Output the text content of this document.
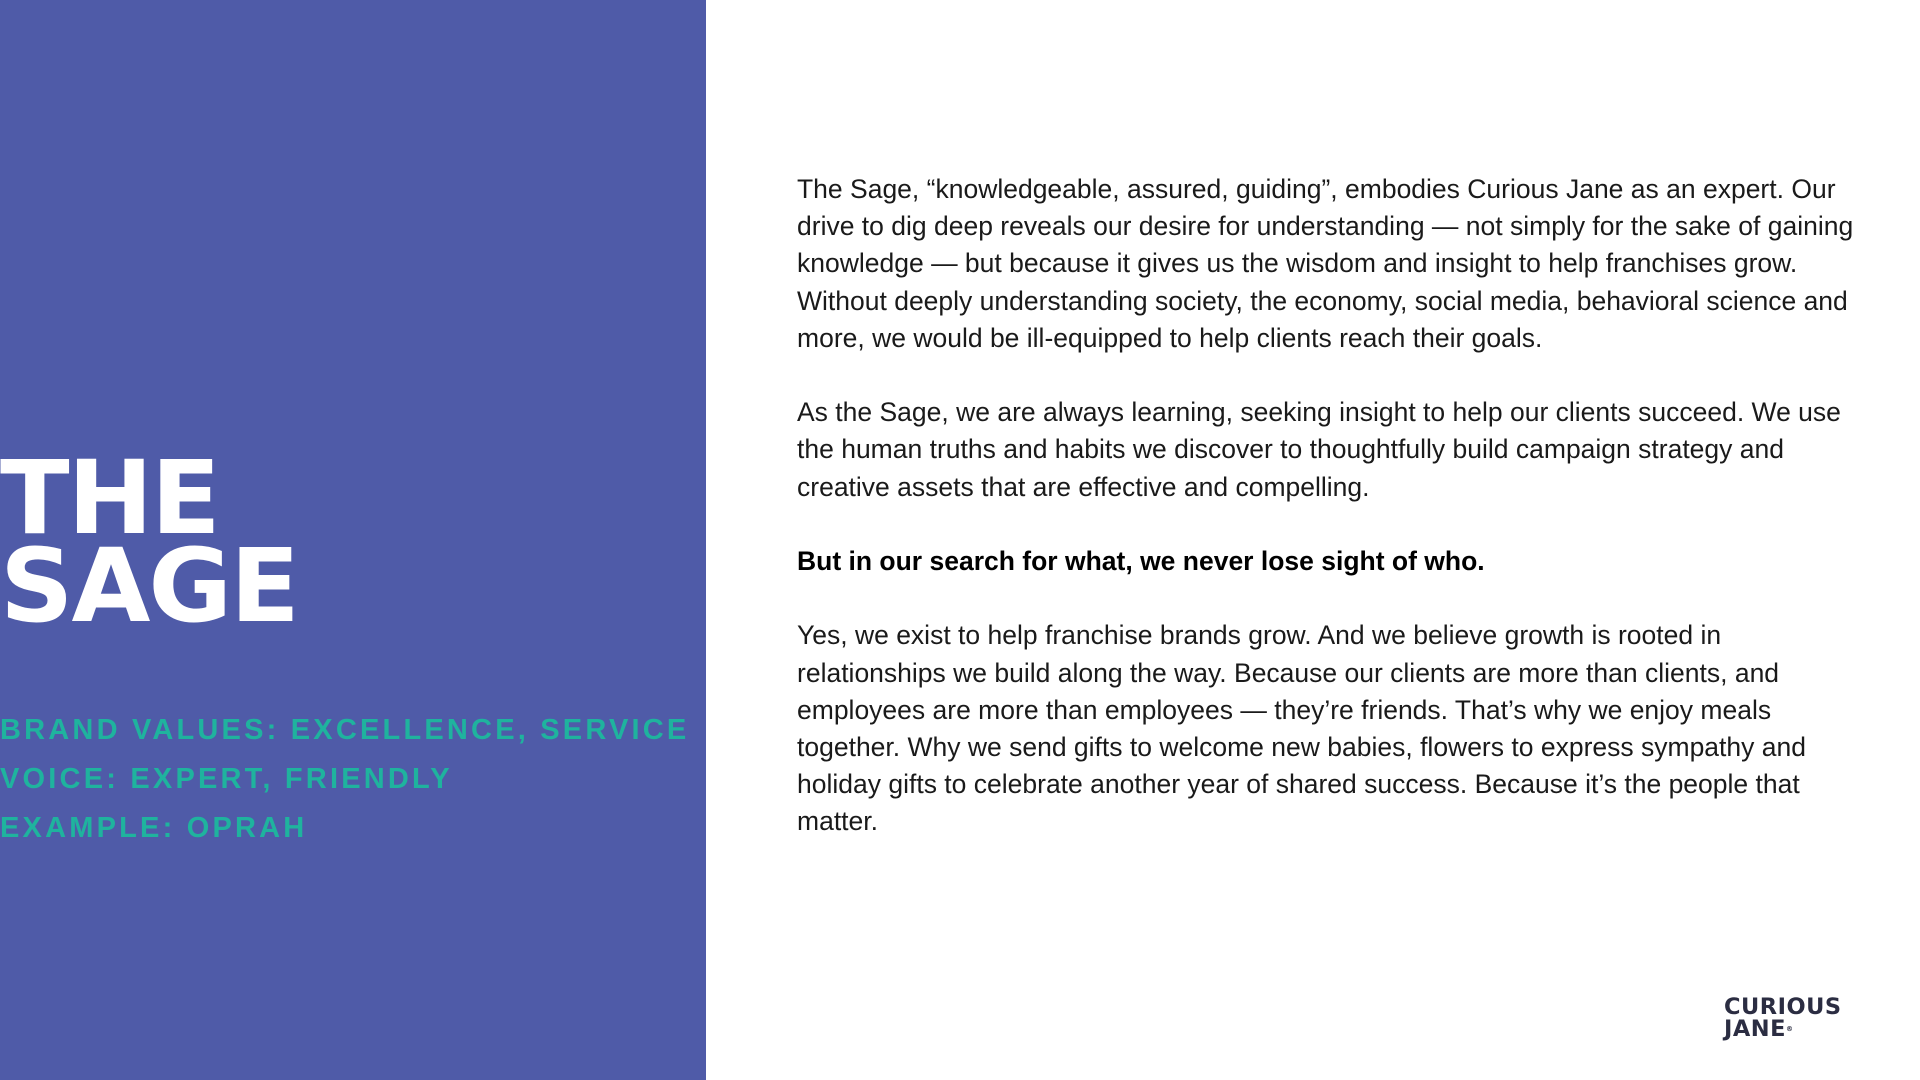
THE
SAGE
BRAND VALUES: EXCELLENCE, SERVICE
VOICE: EXPERT, FRIENDLY
EXAMPLE: OPRAH

The Sage, “knowledgeable, assured, guiding”, embodies Curious Jane as an expert. Our drive to dig deep reveals our desire for understanding — not simply for the sake of gaining knowledge — but because it gives us the wisdom and insight to help franchises grow. Without deeply understanding society, the economy, social media, behavioral science and more, we would be ill-equipped to help clients reach their goals.

As the Sage, we are always learning, seeking insight to help our clients succeed. We use the human truths and habits we discover to thoughtfully build campaign strategy and creative assets that are effective and compelling.

But in our search for what, we never lose sight of who.

Yes, we exist to help franchise brands grow. And we believe growth is rooted in relationships we build along the way. Because our clients are more than clients, and employees are more than employees — they’re friends. That’s why we enjoy meals together. Why we send gifts to welcome new babies, flowers to express sympathy and holiday gifts to celebrate another year of shared success. Because it’s the people that matter.

CURIOUS
JANE®
